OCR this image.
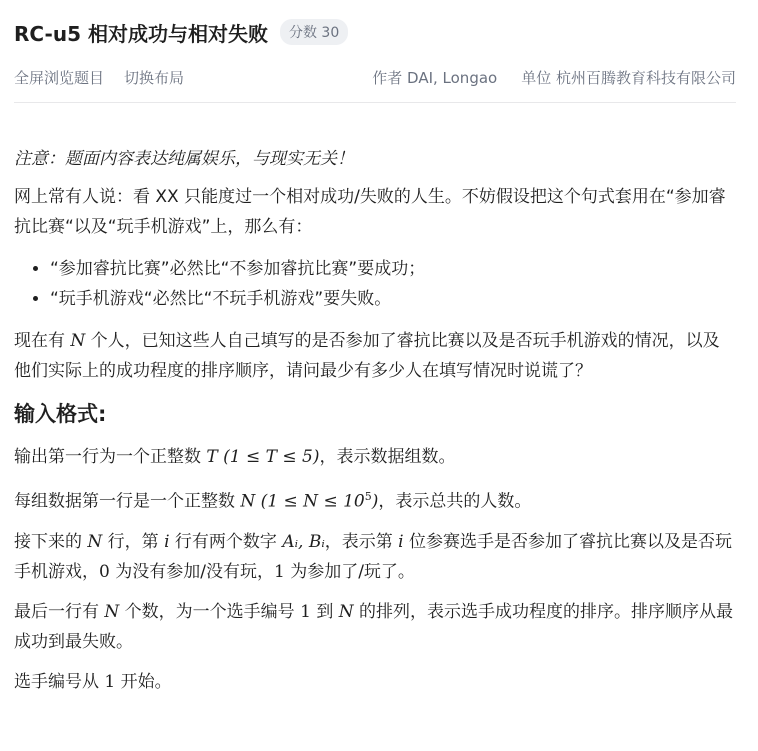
RC-u5 相对成功与相对失败	分数 30
全屏浏览题目 切换布局	作者 DAI, Longao 单位 杭州百腾教育科技有限公司

注意：题面内容表达纯属娱乐，与现实无关！

网上常有人说：看 XX 只能度过一个相对成功/失败的人生。不妨假设把这个句式套用在“参加睿抗比赛“以及“玩手机游戏”上，那么有：

• “参加睿抗比赛”必然比“不参加睿抗比赛”要成功；
• “玩手机游戏“必然比“不玩手机游戏”要失败。

现在有 N 个人，已知这些人自己填写的是否参加了睿抗比赛以及是否玩手机游戏的情况，以及他们实际上的成功程度的排序顺序，请问最少有多少人在填写情况时说谎了？

输入格式:

输出第一行为一个正整数 T (1 ≤ T ≤ 5)，表示数据组数。

每组数据第一行是一个正整数 N $(1 \le N \le 10^5)$，表示总共的人数。

接下来的 N 行，第 i 行有两个数字 Aᵢ, Bᵢ，表示第 i 位参赛选手是否参加了睿抗比赛以及是否玩手机游戏，0 为没有参加/没有玩，1 为参加了/玩了。

最后一行有 N 个数，为一个选手编号 1 到 N 的排列，表示选手成功程度的排序。排序顺序从最成功到最失败。

选手编号从 1 开始。
